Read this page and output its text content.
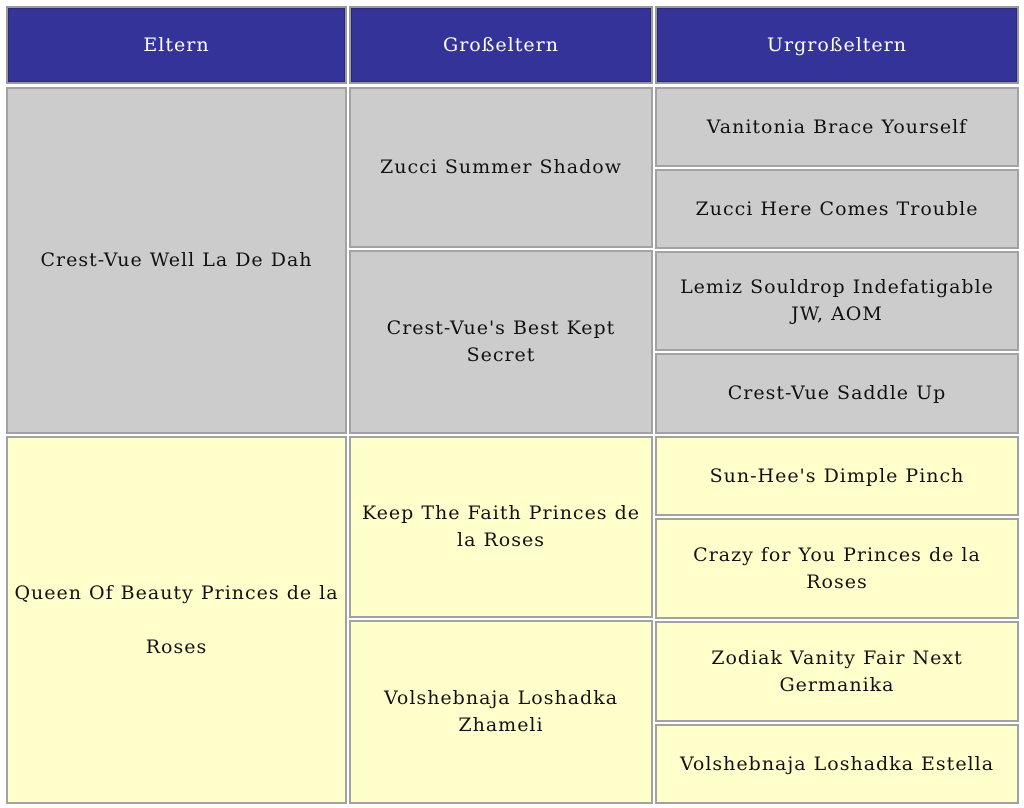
Eltern	Großeltern	Urgroßeltern
Crest-Vue Well La De Dah
Zucci Summer Shadow
Crest-Vue's Best Kept Secret
Vanitonia Brace Yourself
Zucci Here Comes Trouble
Lemiz Souldrop Indefatigable JW, AOM
Crest-Vue Saddle Up
Queen Of Beauty Princes de la Roses
Keep The Faith Princes de la Roses
Volshebnaja Loshadka Zhameli
Sun-Hee's Dimple Pinch
Crazy for You Princes de la Roses
Zodiak Vanity Fair Next Germanika
Volshebnaja Loshadka Estella
